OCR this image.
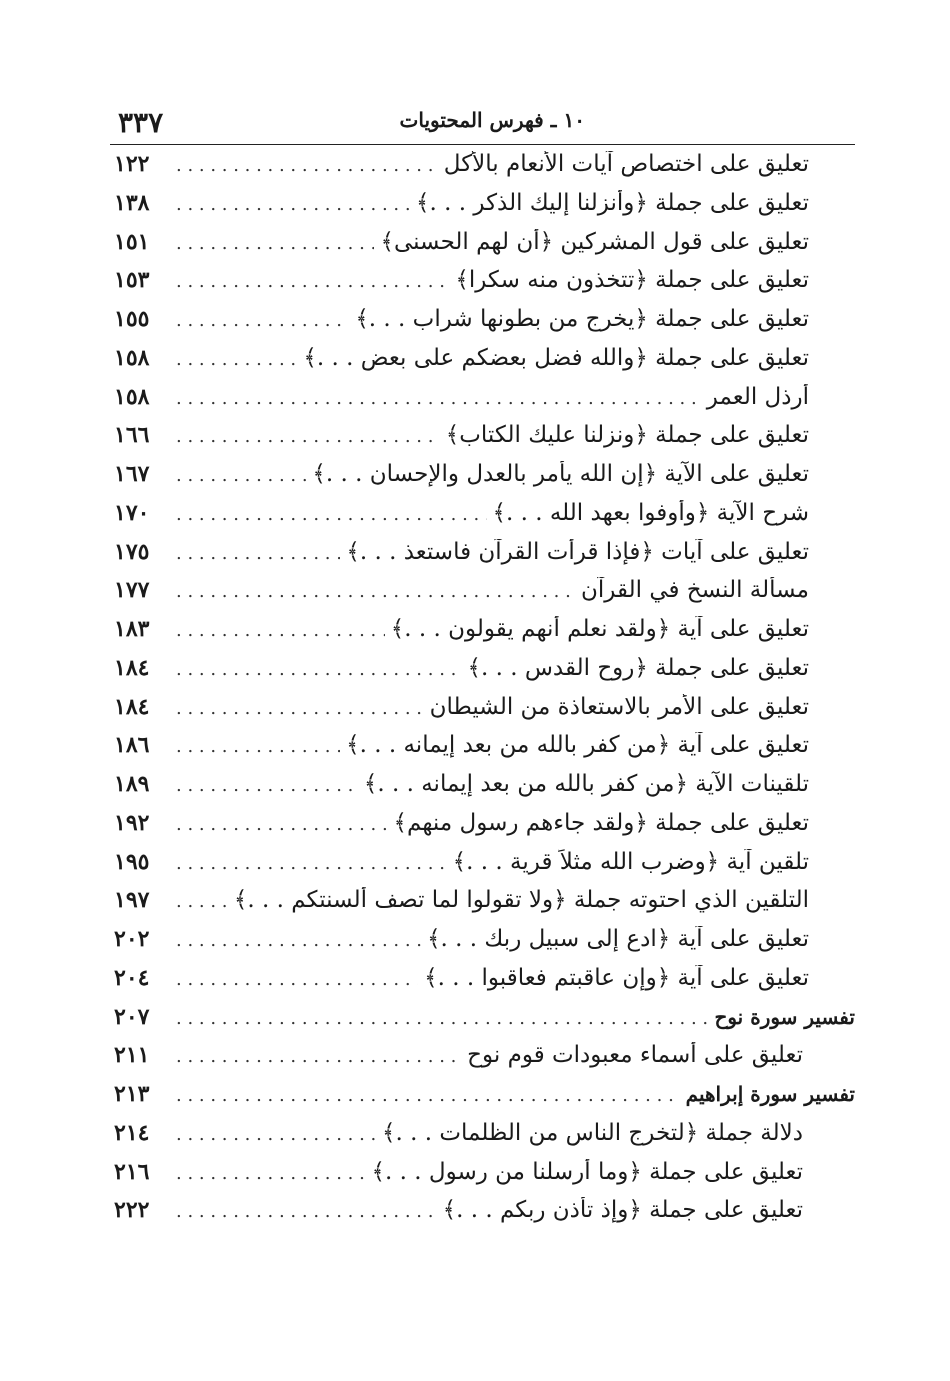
٣٣٧	١٠ ـ فهرس المحتويات
تعليق على اختصاص آيات الأنعام بالأكل
. . .
١٢٢
تعليق على جملة ﴿وأنزلنا إليك الذكر . . .﴾
. . .
١٣٨
تعليق على قول المشركين ﴿أن لهم الحسنى﴾
. . .
١٥١
تعليق على جملة ﴿تتخذون منه سكرا﴾
. . .
١٥٣
تعليق على جملة ﴿يخرج من بطونها شراب . . .﴾
. . .
١٥٥
تعليق على جملة ﴿والله فضل بعضكم على بعض . . .﴾
. . .
١٥٨
أرذل العمر
. . .
١٥٨
تعليق على جملة ﴿ونزلنا عليك الكتاب﴾
. . .
١٦٦
تعليق على الآية ﴿إن الله يأمر بالعدل والإحسان . . .﴾
. . .
١٦٧
شرح الآية ﴿وأوفوا بعهد الله . . .﴾
. . .
١٧٠
تعليق على آيات ﴿فإذا قرأت القرآن فاستعذ . . .﴾
. . .
١٧٥
مسألة النسخ في القرآن
. . .
١٧٧
تعليق على آية ﴿ولقد نعلم أنهم يقولون . . .﴾
. . .
١٨٣
تعليق على جملة ﴿روح القدس . . .﴾
. . .
١٨٤
تعليق على الأمر بالاستعاذة من الشيطان
. . .
١٨٤
تعليق على آية ﴿من كفر بالله من بعد إيمانه . . .﴾
. . .
١٨٦
تلقينات الآية ﴿من كفر بالله من بعد إيمانه . . .﴾
. . .
١٨٩
تعليق على جملة ﴿ولقد جاءهم رسول منهم﴾
. . .
١٩٢
تلقين آية ﴿وضرب الله مثلاً قرية . . .﴾
. . .
١٩٥
التلقين الذي احتوته جملة ﴿ولا تقولوا لما تصف ألسنتكم . . .﴾
. . .
١٩٧
تعليق على آية ﴿ادع إلى سبيل ربك . . .﴾
. . .
٢٠٢
تعليق على آية ﴿وإن عاقبتم فعاقبوا . . .﴾
. . .
٢٠٤
تفسير سورة نوح
. . .
٢٠٧
تعليق على أسماء معبودات قوم نوح
. . .
٢١١
تفسير سورة إبراهيم
. . .
٢١٣
دلالة جملة ﴿لتخرج الناس من الظلمات . . .﴾
. . .
٢١٤
تعليق على جملة ﴿وما أرسلنا من رسول . . .﴾
. . .
٢١٦
تعليق على جملة ﴿وإذ تأذن ربكم . . .﴾
. . .
٢٢٢
